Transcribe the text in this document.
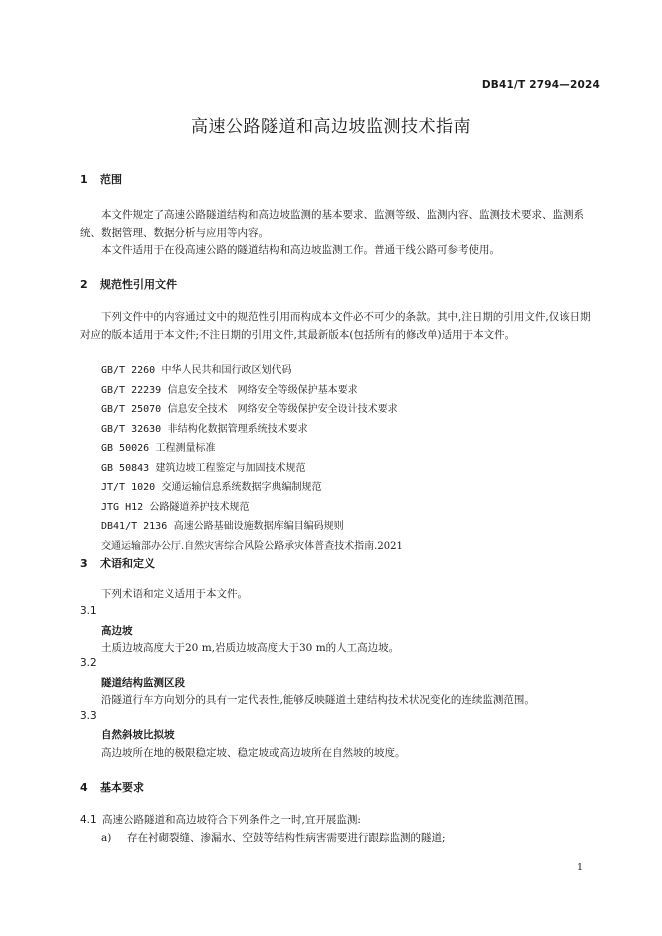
DB41/T 2794—2024
高速公路隧道和高边坡监测技术指南
1 范围
本文件规定了高速公路隧道结构和高边坡监测的基本要求、监测等级、监测内容、监测技术要求、监测系统、数据管理、数据分析与应用等内容。
本文件适用于在役高速公路的隧道结构和高边坡监测工作。普通干线公路可参考使用。
2 规范性引用文件
下列文件中的内容通过文中的规范性引用而构成本文件必不可少的条款。其中,注日期的引用文件,仅该日期对应的版本适用于本文件;不注日期的引用文件,其最新版本(包括所有的修改单)适用于本文件。
GB/T 2260 中华人民共和国行政区划代码
GB/T 22239 信息安全技术　网络安全等级保护基本要求
GB/T 25070 信息安全技术　网络安全等级保护安全设计技术要求
GB/T 32630 非结构化数据管理系统技术要求
GB 50026 工程测量标准
GB 50843 建筑边坡工程鉴定与加固技术规范
JT/T 1020 交通运输信息系统数据字典编制规范
JTG H12 公路隧道养护技术规范
DB41/T 2136 高速公路基础设施数据库编目编码规则
交通运输部办公厅.自然灾害综合风险公路承灾体普查技术指南.2021
3 术语和定义
下列术语和定义适用于本文件。
3.1
高边坡
土质边坡高度大于20 m,岩质边坡高度大于30 m的人工高边坡。
3.2
隧道结构监测区段
沿隧道行车方向划分的具有一定代表性,能够反映隧道土建结构技术状况变化的连续监测范围。
3.3
自然斜坡比拟坡
高边坡所在地的极限稳定坡、稳定坡或高边坡所在自然坡的坡度。
4 基本要求
4.1 高速公路隧道和高边坡符合下列条件之一时,宜开展监测:
a) 存在衬砌裂缝、渗漏水、空鼓等结构性病害需要进行跟踪监测的隧道;
1
